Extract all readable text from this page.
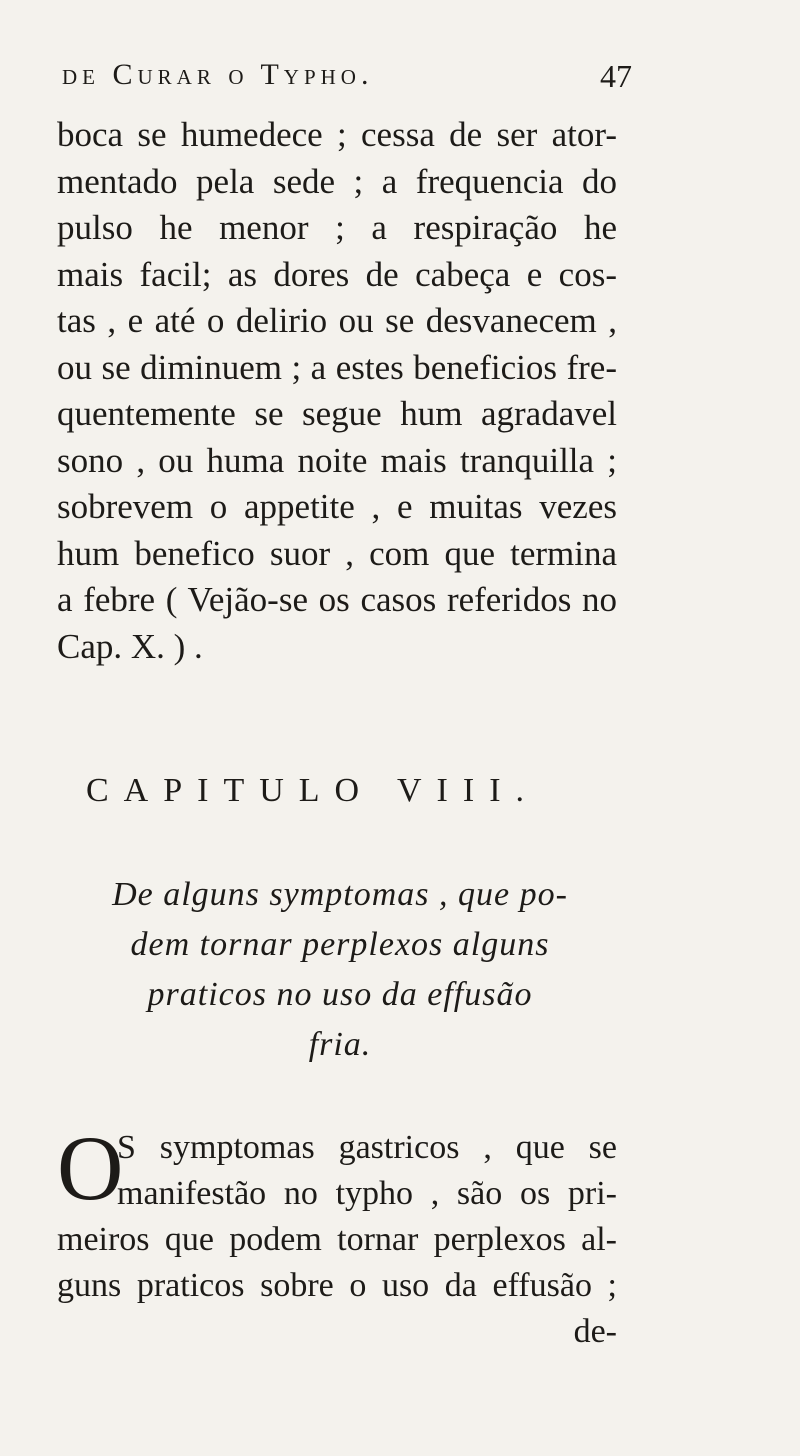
de Curar o Typho.	47
boca se humedece ; cessa de ser ator-
mentado pela sede ; a frequencia do
pulso he menor ; a respiração he
mais facil; as dores de cabeça e cos-
tas , e até o delirio ou se desvanecem ,
ou se diminuem ; a estes beneficios fre-
quentemente se segue hum agradavel
sono , ou huma noite mais tranquilla ;
sobrevem o appetite , e muitas vezes
hum benefico suor , com que termina
a febre ( Vejão-se os casos referidos no
Cap. X. ) .
CAPITULO VIII.
De alguns symptomas , que po-
dem tornar perplexos alguns
praticos no uso da effusão
fria.
O
S symptomas gastricos , que se
manifestão no typho , são os pri-
meiros que podem tornar perplexos al-
guns praticos sobre o uso da effusão ;
de-
